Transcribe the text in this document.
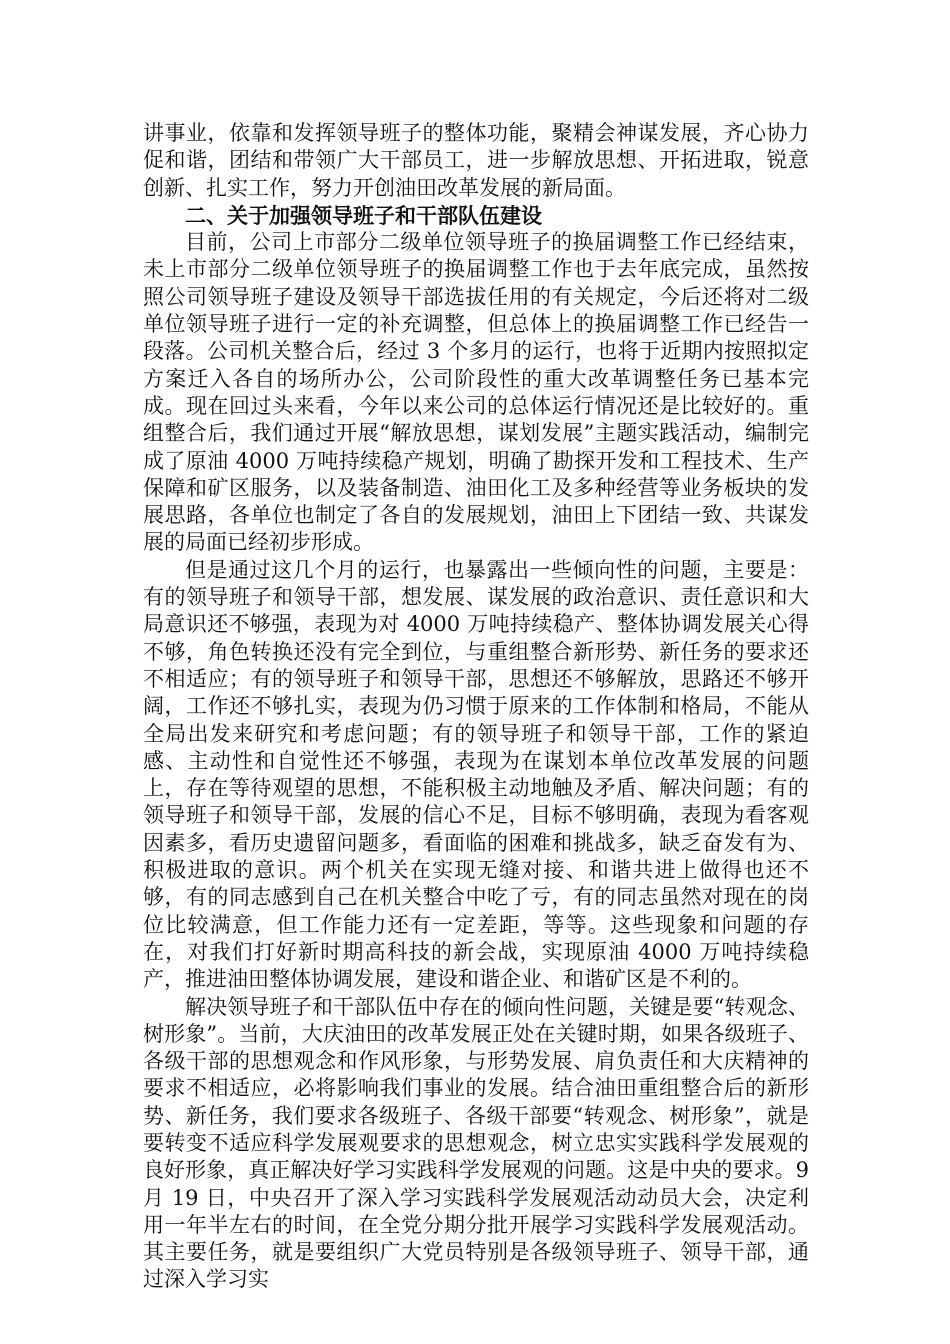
讲事业，依靠和发挥领导班子的整体功能，聚精会神谋发展，齐心协力促和谐，团结和带领广大干部员工，进一步解放思想、开拓进取，锐意创新、扎实工作，努力开创油田改革发展的新局面。

二、关于加强领导班子和干部队伍建设

目前，公司上市部分二级单位领导班子的换届调整工作已经结束，未上市部分二级单位领导班子的换届调整工作也于去年底完成，虽然按照公司领导班子建设及领导干部选拔任用的有关规定，今后还将对二级单位领导班子进行一定的补充调整，但总体上的换届调整工作已经告一段落。公司机关整合后，经过 3 个多月的运行，也将于近期内按照拟定方案迁入各自的场所办公，公司阶段性的重大改革调整任务已基本完成。现在回过头来看，今年以来公司的总体运行情况还是比较好的。重组整合后，我们通过开展“解放思想，谋划发展”主题实践活动，编制完成了原油 4000 万吨持续稳产规划，明确了勘探开发和工程技术、生产保障和矿区服务，以及装备制造、油田化工及多种经营等业务板块的发展思路，各单位也制定了各自的发展规划，油田上下团结一致、共谋发展的局面已经初步形成。

但是通过这几个月的运行，也暴露出一些倾向性的问题，主要是：有的领导班子和领导干部，想发展、谋发展的政治意识、责任意识和大局意识还不够强，表现为对 4000 万吨持续稳产、整体协调发展关心得不够，角色转换还没有完全到位，与重组整合新形势、新任务的要求还不相适应；有的领导班子和领导干部，思想还不够解放，思路还不够开阔，工作还不够扎实，表现为仍习惯于原来的工作体制和格局，不能从全局出发来研究和考虑问题；有的领导班子和领导干部，工作的紧迫感、主动性和自觉性还不够强，表现为在谋划本单位改革发展的问题上，存在等待观望的思想，不能积极主动地触及矛盾、解决问题；有的领导班子和领导干部，发展的信心不足，目标不够明确，表现为看客观因素多，看历史遗留问题多，看面临的困难和挑战多，缺乏奋发有为、积极进取的意识。两个机关在实现无缝对接、和谐共进上做得也还不够，有的同志感到自己在机关整合中吃了亏，有的同志虽然对现在的岗位比较满意，但工作能力还有一定差距，等等。这些现象和问题的存在，对我们打好新时期高科技的新会战，实现原油 4000 万吨持续稳产，推进油田整体协调发展，建设和谐企业、和谐矿区是不利的。

解决领导班子和干部队伍中存在的倾向性问题，关键是要“转观念、树形象”。当前，大庆油田的改革发展正处在关键时期，如果各级班子、各级干部的思想观念和作风形象，与形势发展、肩负责任和大庆精神的要求不相适应，必将影响我们事业的发展。结合油田重组整合后的新形势、新任务，我们要求各级班子、各级干部要“转观念、树形象”，就是要转变不适应科学发展观要求的思想观念，树立忠实实践科学发展观的良好形象，真正解决好学习实践科学发展观的问题。这是中央的要求。9 月 19 日，中央召开了深入学习实践科学发展观活动动员大会，决定利用一年半左右的时间，在全党分期分批开展学习实践科学发展观活动。其主要任务，就是要组织广大党员特别是各级领导班子、领导干部，通过深入学习实
